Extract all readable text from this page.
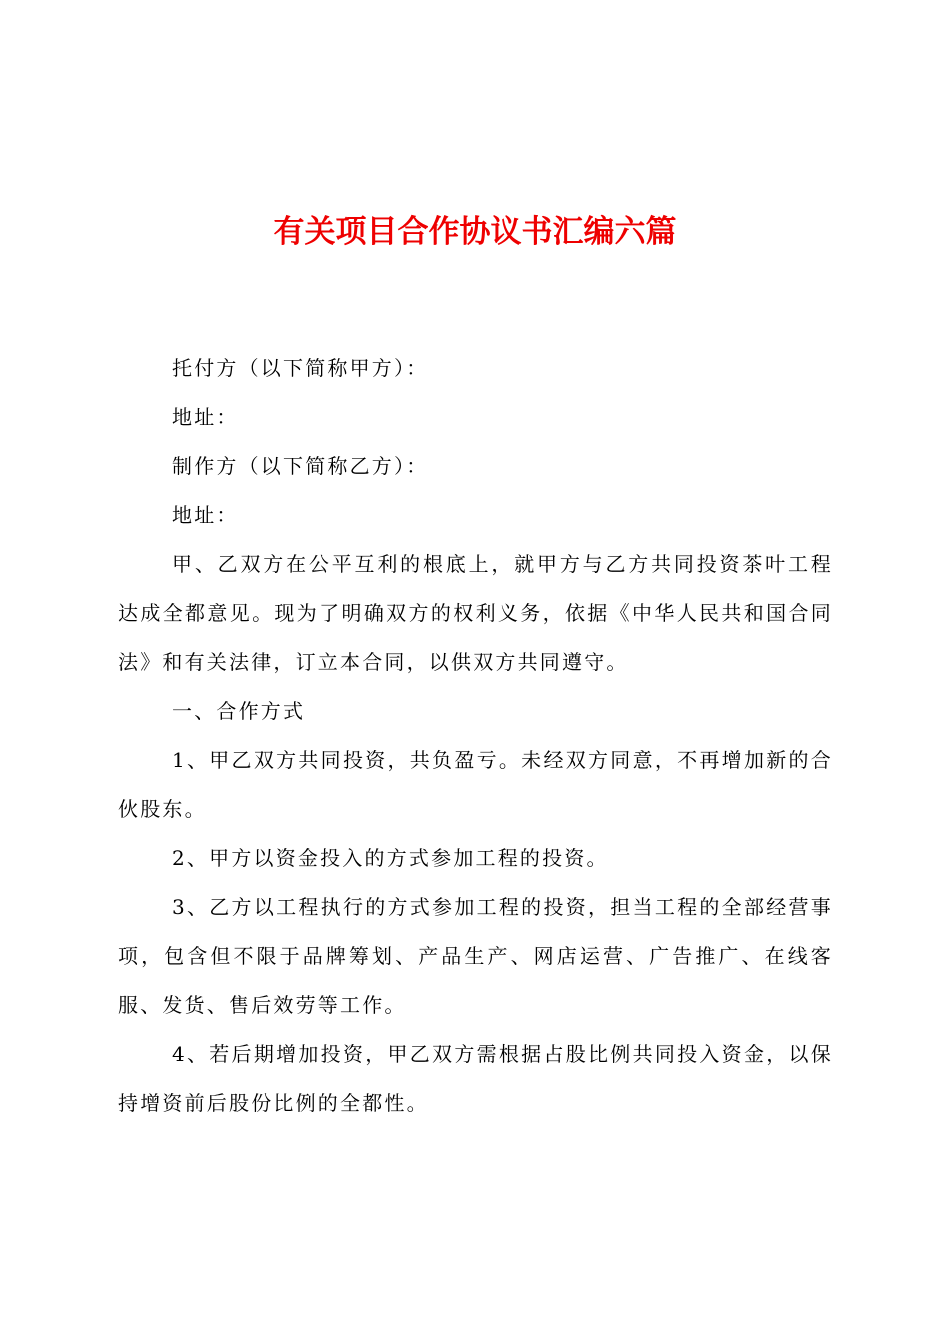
有关项目合作协议书汇编六篇

托付方（以下简称甲方）：

地址：

制作方（以下简称乙方）：

地址：

甲、乙双方在公平互利的根底上，就甲方与乙方共同投资茶叶工程达成全都意见。现为了明确双方的权利义务，依据《中华人民共和国合同法》和有关法律，订立本合同，以供双方共同遵守。

一、合作方式

1、甲乙双方共同投资，共负盈亏。未经双方同意，不再增加新的合伙股东。

2、甲方以资金投入的方式参加工程的投资。

3、乙方以工程执行的方式参加工程的投资，担当工程的全部经营事项，包含但不限于品牌筹划、产品生产、网店运营、广告推广、在线客服、发货、售后效劳等工作。

4、若后期增加投资，甲乙双方需根据占股比例共同投入资金，以保持增资前后股份比例的全都性。
